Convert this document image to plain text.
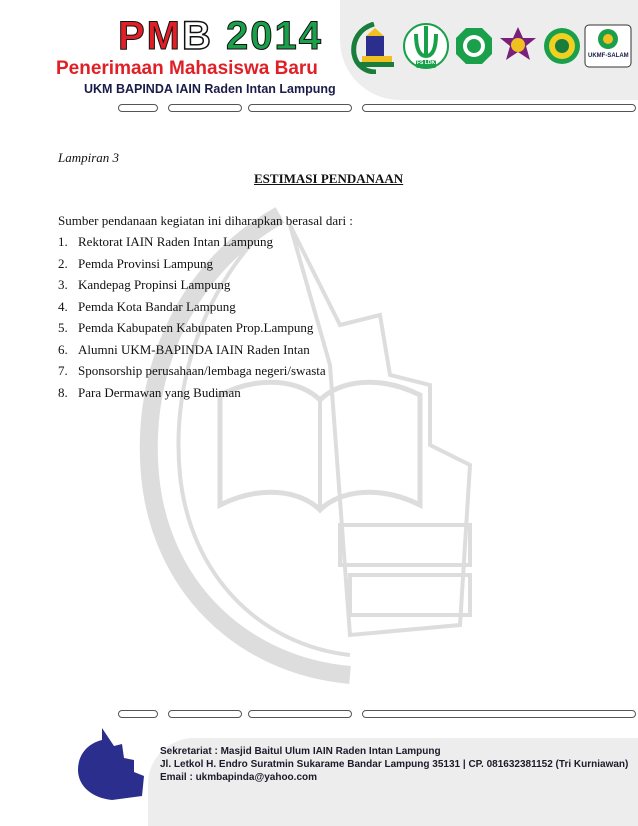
PMB 2014
Penerimaan Mahasiswa Baru
UKM BAPINDA IAIN Raden Intan Lampung
FS LDK
UKMF-SALAM
Lampiran 3
ESTIMASI PENDANAAN
Sumber pendanaan kegiatan ini diharapkan berasal dari :
1. Rektorat IAIN Raden Intan Lampung
2. Pemda Provinsi Lampung
3. Kandepag Propinsi Lampung
4. Pemda Kota Bandar Lampung
5. Pemda Kabupaten Kabupaten Prop.Lampung
6. Alumni UKM-BAPINDA IAIN Raden Intan
7. Sponsorship perusahaan/lembaga negeri/swasta
8. Para Dermawan yang Budiman
Sekretariat : Masjid Baitul Ulum IAIN Raden Intan Lampung
Jl. Letkol H. Endro Suratmin Sukarame Bandar Lampung 35131 | CP. 081632381152 (Tri Kurniawan)
Email : ukmbapinda@yahoo.com
